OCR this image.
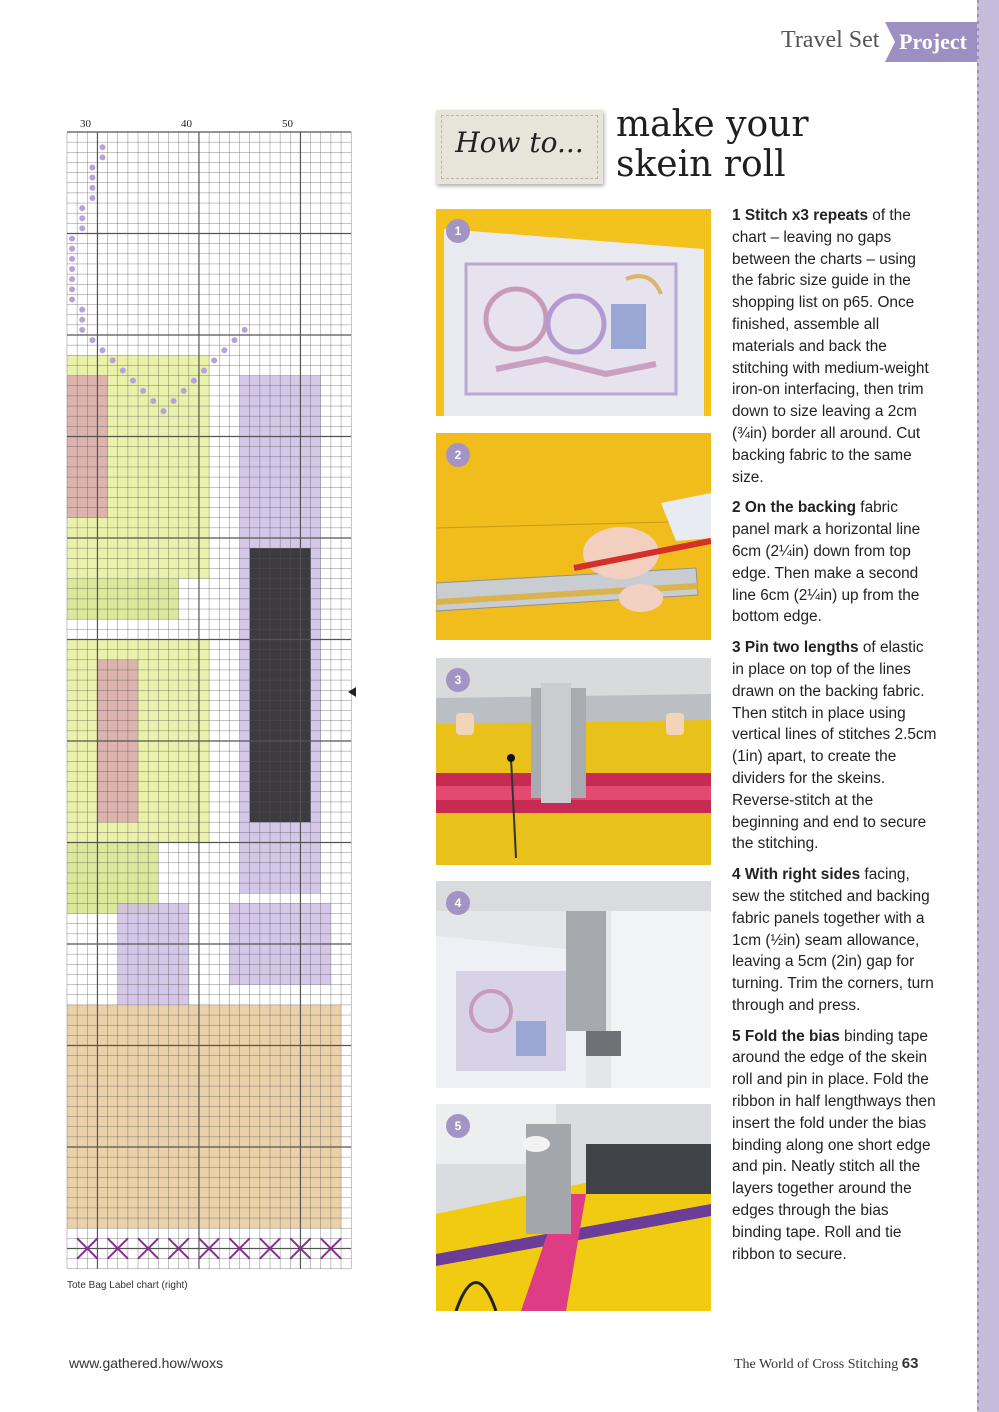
Travel Set Project
30	40	50
Tote Bag Label chart (right)
How to... make your
skein roll
1
2
3
4
5

1 Stitch x3 repeats of the chart – leaving no gaps between the charts – using the fabric size guide in the shopping list on p65. Once finished, assemble all materials and back the stitching with medium-weight iron-on interfacing, then trim down to size leaving a 2cm (¾in) border all around. Cut backing fabric to the same size.

2 On the backing fabric panel mark a horizontal line 6cm (2¼in) down from top edge. Then make a second line 6cm (2¼in) up from the bottom edge.

3 Pin two lengths of elastic in place on top of the lines drawn on the backing fabric. Then stitch in place using vertical lines of stitches 2.5cm (1in) apart, to create the dividers for the skeins. Reverse-stitch at the beginning and end to secure the stitching.

4 With right sides facing, sew the stitched and backing fabric panels together with a 1cm (½in) seam allowance, leaving a 5cm (2in) gap for turning. Trim the corners, turn through and press.

5 Fold the bias binding tape around the edge of the skein roll and pin in place. Fold the ribbon in half lengthways then insert the fold under the bias binding along one short edge and pin. Neatly stitch all the layers together around the edges through the bias binding tape. Roll and tie ribbon to secure.

www.gathered.how/woxs	The World of Cross Stitching 63
